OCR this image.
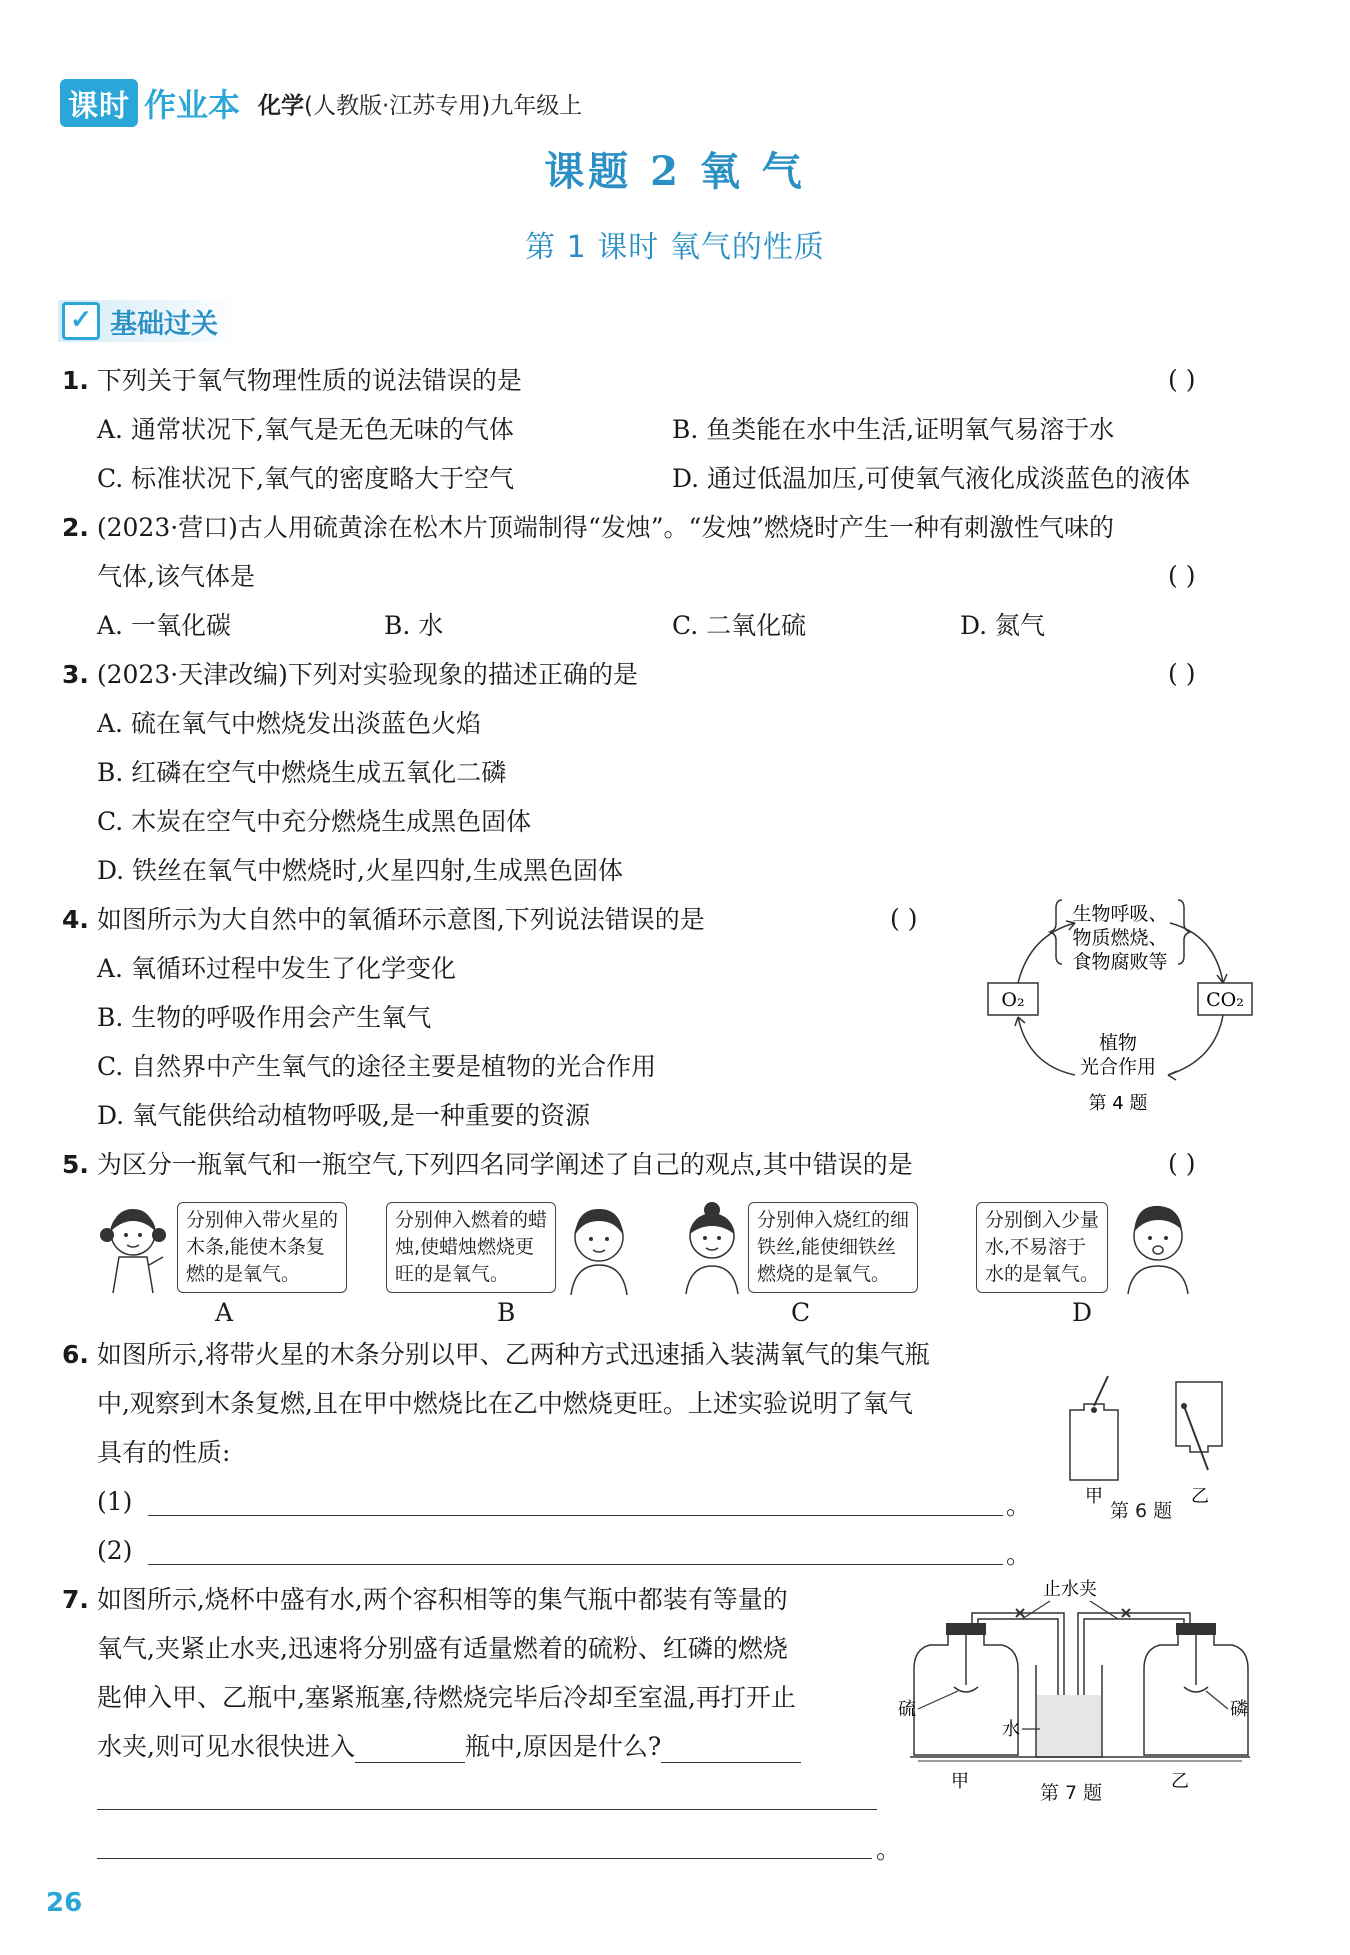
课时 作业本 化学(人教版·江苏专用)九年级上
课题 2 氧 气
第 1 课时 氧气的性质
✓ 基础过关
1. 下列关于氧气物理性质的说法错误的是	( )
A. 通常状况下,氧气是无色无味的气体	B. 鱼类能在水中生活,证明氧气易溶于水
C. 标准状况下,氧气的密度略大于空气	D. 通过低温加压,可使氧气液化成淡蓝色的液体
2. (2023·营口)古人用硫黄涂在松木片顶端制得“发烛”。“发烛”燃烧时产生一种有刺激性气味的
气体,该气体是	( )
A. 一氧化碳	B. 水	C. 二氧化硫	D. 氮气
3. (2023·天津改编)下列对实验现象的描述正确的是	( )
A. 硫在氧气中燃烧发出淡蓝色火焰
B. 红磷在空气中燃烧生成五氧化二磷
C. 木炭在空气中充分燃烧生成黑色固体
D. 铁丝在氧气中燃烧时,火星四射,生成黑色固体
4. 如图所示为大自然中的氧循环示意图,下列说法错误的是	( )
A. 氧循环过程中发生了化学变化
B. 生物的呼吸作用会产生氧气
C. 自然界中产生氧气的途径主要是植物的光合作用
D. 氧气能供给动植物呼吸,是一种重要的资源
O₂	CO₂
生物呼吸、
物质燃烧、
食物腐败等
植物
光合作用
第 4 题
5. 为区分一瓶氧气和一瓶空气,下列四名同学阐述了自己的观点,其中错误的是	( )
分别伸入带火星的
木条,能使木条复
燃的是氧气。
A
分别伸入燃着的蜡
烛,使蜡烛燃烧更
旺的是氧气。
B
分别伸入烧红的细
铁丝,能使细铁丝
燃烧的是氧气。
C
分别倒入少量
水,不易溶于
水的是氧气。
D
6. 如图所示,将带火星的木条分别以甲、乙两种方式迅速插入装满氧气的集气瓶
中,观察到木条复燃,且在甲中燃烧比在乙中燃烧更旺。上述实验说明了氧气
具有的性质:
(1)	。
(2)	。
甲	乙
第 6 题
7. 如图所示,烧杯中盛有水,两个容积相等的集气瓶中都装有等量的
氧气,夹紧止水夹,迅速将分别盛有适量燃着的硫粉、红磷的燃烧
匙伸入甲、乙瓶中,塞紧瓶塞,待燃烧完毕后冷却至室温,再打开止
水夹,则可见水很快进入	瓶中,原因是什么?
。
止水夹
硫
水
磷
甲	乙
第 7 题
26
